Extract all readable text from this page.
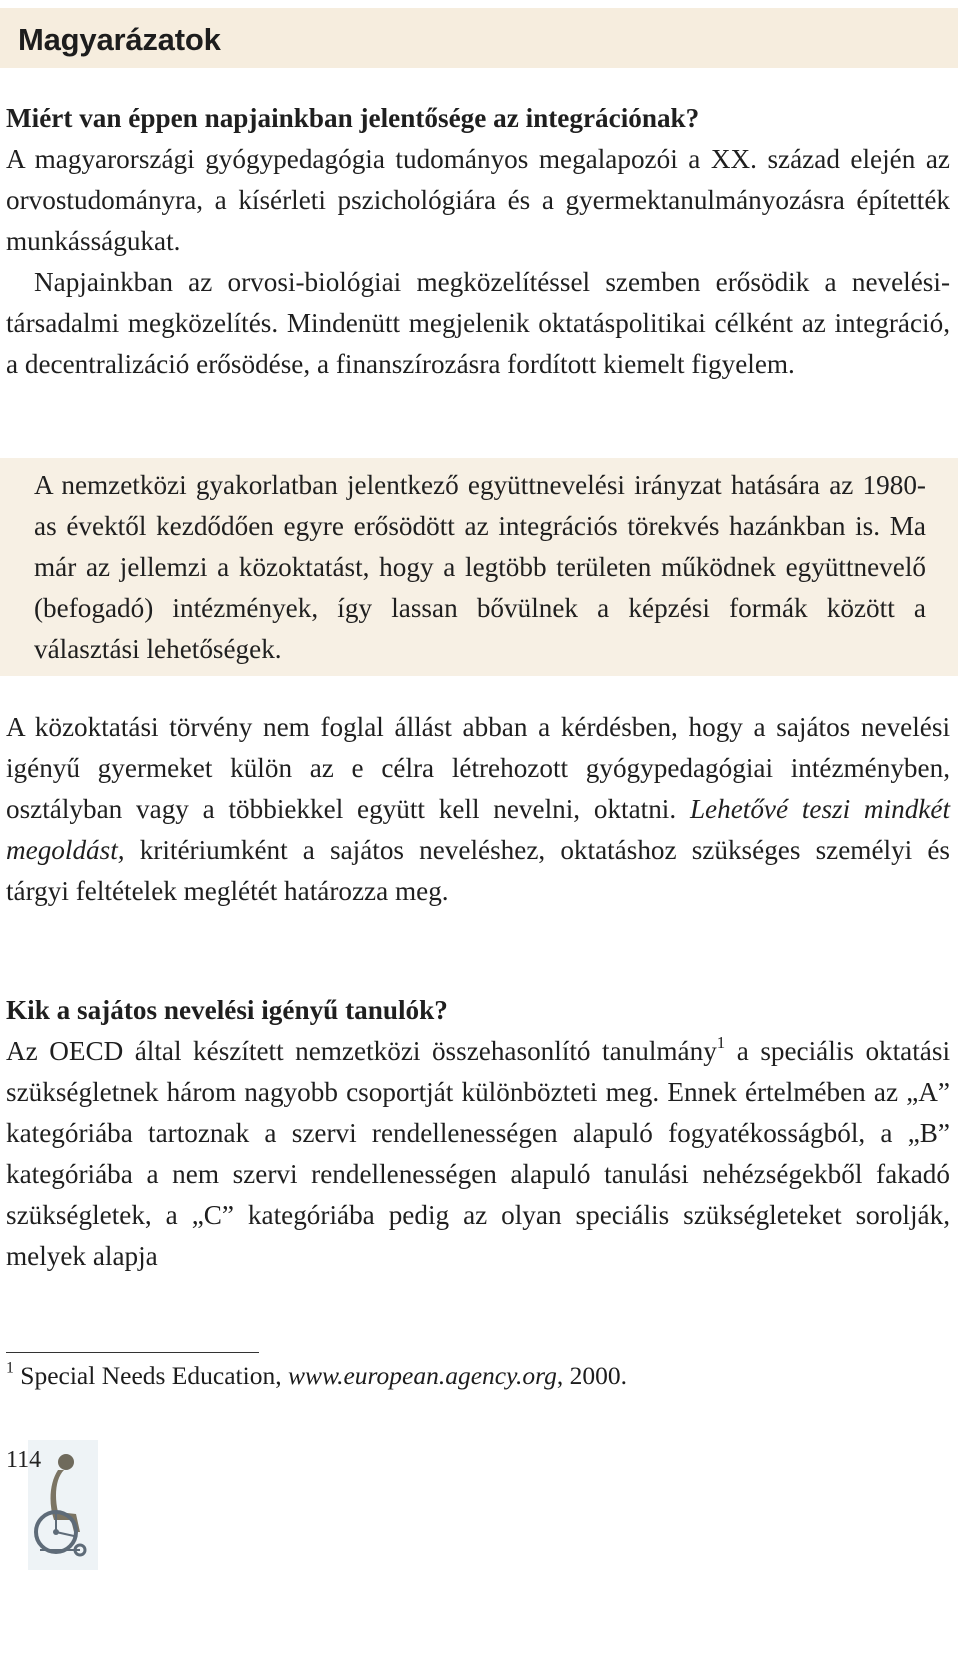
Magyarázatok

Miért van éppen napjainkban jelentősége az integrációnak?
A magyarországi gyógypedagógia tudományos megalapozói a XX. század elején az orvostudományra, a kísérleti pszichológiára és a gyermektanulmányozásra építették munkásságukat.

Napjainkban az orvosi-biológiai megközelítéssel szemben erősödik a nevelési-társadalmi megközelítés. Mindenütt megjelenik oktatáspolitikai célként az integráció, a decentralizáció erősödése, a finanszírozásra fordított kiemelt figyelem.

A nemzetközi gyakorlatban jelentkező együttnevelési irányzat hatására az 1980-as évektől kezdődően egyre erősödött az integrációs törekvés hazánkban is. Ma már az jellemzi a közoktatást, hogy a legtöbb területen működnek együttnevelő (befogadó) intézmények, így lassan bővülnek a képzési formák között a választási lehetőségek.

A közoktatási törvény nem foglal állást abban a kérdésben, hogy a sajátos nevelési igényű gyermeket külön az e célra létrehozott gyógypedagógiai intézményben, osztályban vagy a többiekkel együtt kell nevelni, oktatni. Lehetővé teszi mindkét megoldást, kritériumként a sajátos neveléshez, oktatáshoz szükséges személyi és tárgyi feltételek meglétét határozza meg.

Kik a sajátos nevelési igényű tanulók?
Az OECD által készített nemzetközi összehasonlító tanulmány$^1$ a speciális oktatási szükségletnek három nagyobb csoportját különbözteti meg. Ennek értelmében az „A” kategóriába tartoznak a szervi rendellenességen alapuló fogyatékosságból, a „B” kategóriába a nem szervi rendellenességen alapuló tanulási nehézségekből fakadó szükségletek, a „C” kategóriába pedig az olyan speciális szükségleteket sorolják, melyek alapja

$^1$ Special Needs Education, www.european.agency.org, 2000.
114
